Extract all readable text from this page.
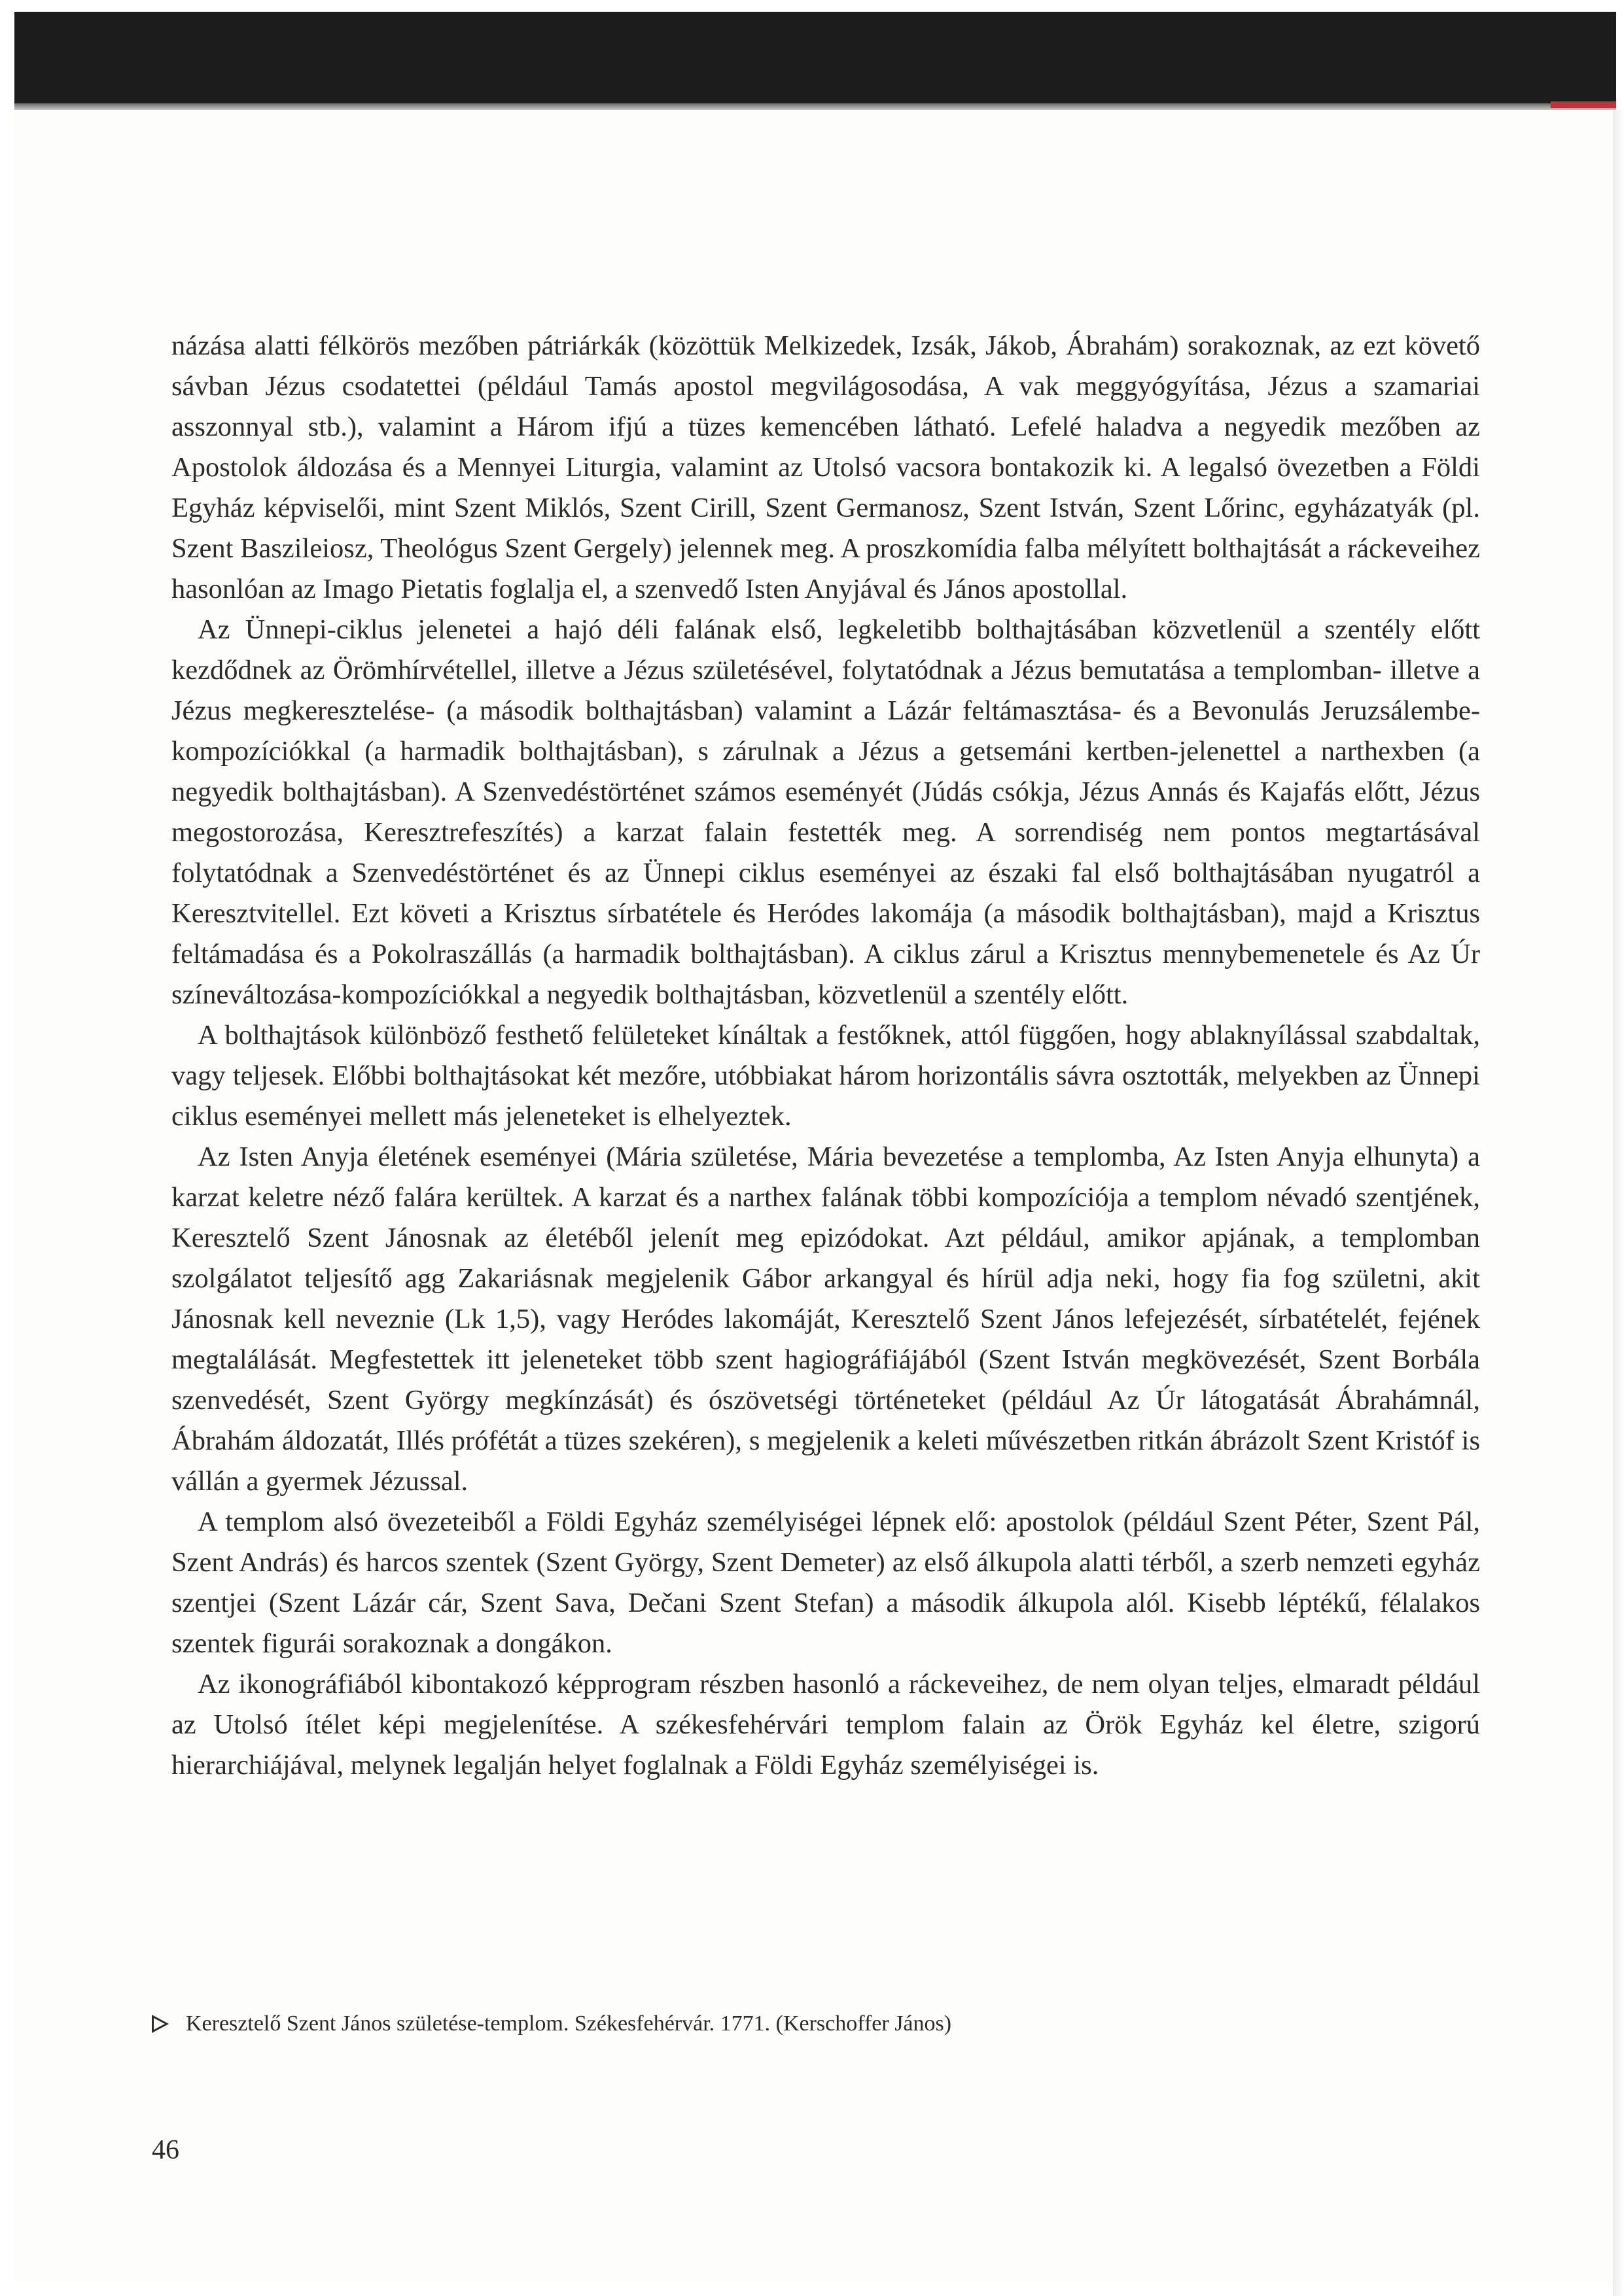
názása alatti félkörös mezőben pátriárkák (közöttük Melkizedek, Izsák, Jákob, Ábrahám) sorakoznak, az ezt követő sávban Jézus csodatettei (például Tamás apostol megvilágosodása, A vak meggyógyítása, Jézus a szamariai asszonnyal stb.), valamint a Három ifjú a tüzes kemencében látható. Lefelé haladva a negyedik mezőben az Apostolok áldozása és a Mennyei Liturgia, valamint az Utolsó vacsora bontakozik ki. A legalsó övezetben a Földi Egyház képviselői, mint Szent Miklós, Szent Cirill, Szent Germanosz, Szent István, Szent Lőrinc, egyházatyák (pl. Szent Baszileiosz, Theológus Szent Gergely) jelennek meg. A proszkomídia falba mélyített bolthajtását a ráckeveihez hasonlóan az Imago Pietatis foglalja el, a szenvedő Isten Anyjával és János apostollal.

Az Ünnepi-ciklus jelenetei a hajó déli falának első, legkeletibb bolthajtásában közvetlenül a szentély előtt kezdődnek az Örömhírvétellel, illetve a Jézus születésével, folytatódnak a Jézus bemutatása a templomban- illetve a Jézus megkeresztelése- (a második bolthajtásban) valamint a Lázár feltámasztása- és a Bevonulás Jeruzsálembe-kompozíciókkal (a harmadik bolthajtásban), s zárulnak a Jézus a getsemáni kertben-jelenettel a narthexben (a negyedik bolthajtásban). A Szenvedéstörténet számos eseményét (Júdás csókja, Jézus Annás és Kajafás előtt, Jézus megostorozása, Keresztrefeszítés) a karzat falain festették meg. A sorrendiség nem pontos megtartásával folytatódnak a Szenvedéstörténet és az Ünnepi ciklus eseményei az északi fal első bolthajtásában nyugatról a Keresztvitellel. Ezt követi a Krisztus sírbatétele és Heródes lakomája (a második bolthajtásban), majd a Krisztus feltámadása és a Pokolraszállás (a harmadik bolthajtásban). A ciklus zárul a Krisztus mennybemenetele és Az Úr színeváltozása-kompozíciókkal a negyedik bolthajtásban, közvetlenül a szentély előtt.

A bolthajtások különböző festhető felületeket kínáltak a festőknek, attól függően, hogy ablaknyílással szabdaltak, vagy teljesek. Előbbi bolthajtásokat két mezőre, utóbbiakat három horizontális sávra osztották, melyekben az Ünnepi ciklus eseményei mellett más jeleneteket is elhelyeztek.

Az Isten Anyja életének eseményei (Mária születése, Mária bevezetése a templomba, Az Isten Anyja elhunyta) a karzat keletre néző falára kerültek. A karzat és a narthex falának többi kompozíciója a templom névadó szentjének, Keresztelő Szent Jánosnak az életéből jelenít meg epizódokat. Azt például, amikor apjának, a templomban szolgálatot teljesítő agg Zakariásnak megjelenik Gábor arkangyal és hírül adja neki, hogy fia fog születni, akit Jánosnak kell neveznie (Lk 1,5), vagy Heródes lakomáját, Keresztelő Szent János lefejezését, sírbatételét, fejének megtalálását. Megfestettek itt jeleneteket több szent hagiográfiájából (Szent István megkövezését, Szent Borbála szenvedését, Szent György megkínzását) és ószövetségi történeteket (például Az Úr látogatását Ábrahámnál, Ábrahám áldozatát, Illés prófétát a tüzes szekéren), s megjelenik a keleti művészetben ritkán ábrázolt Szent Kristóf is vállán a gyermek Jézussal.

A templom alsó övezeteiből a Földi Egyház személyiségei lépnek elő: apostolok (például Szent Péter, Szent Pál, Szent András) és harcos szentek (Szent György, Szent Demeter) az első álkupola alatti térből, a szerb nemzeti egyház szentjei (Szent Lázár cár, Szent Sava, Dečani Szent Stefan) a második álkupola alól. Kisebb léptékű, félalakos szentek figurái sorakoznak a dongákon.

Az ikonográfiából kibontakozó képprogram részben hasonló a ráckeveihez, de nem olyan teljes, elmaradt például az Utolsó ítélet képi megjelenítése. A székesfehérvári templom falain az Örök Egyház kel életre, szigorú hierarchiájával, melynek legalján helyet foglalnak a Földi Egyház személyiségei is.

Keresztelő Szent János születése-templom. Székesfehérvár. 1771. (Kerschoffer János)
46
